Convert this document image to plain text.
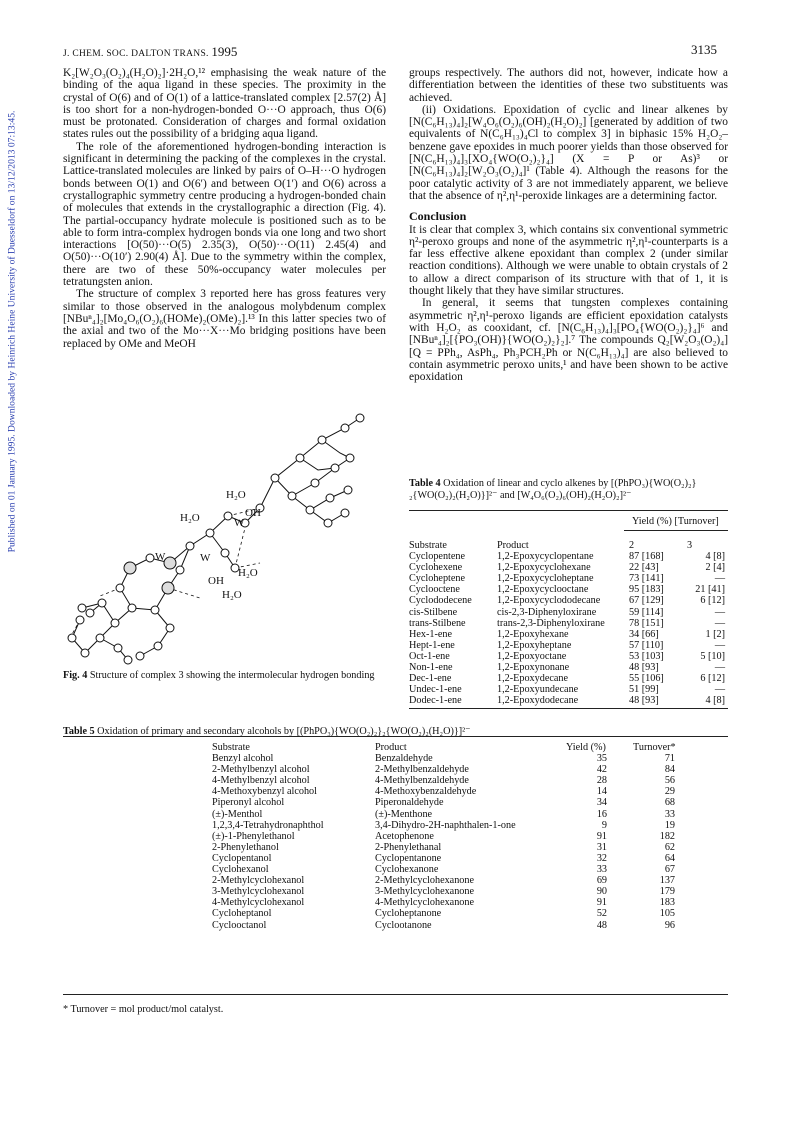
J. CHEM. SOC. DALTON TRANS. 1995	3135
Published on 01 January 1995. Downloaded by Heinrich Heine University of Duesseldorf on 13/12/2013 07:13:45.

K₂[W₂O₃(O₂)₄(H₂O)₂]·2H₂O,¹² emphasising the weak nature of the binding of the aqua ligand in these species. The proximity in the crystal of O(6) and of O(1) of a lattice-translated complex [2.57(2) Å] is too short for a non-hydrogen-bonded O···O approach, thus O(6) must be protonated. Consideration of charges and formal oxidation states rules out the possibility of a bridging aqua ligand.

The role of the aforementioned hydrogen-bonding interaction is significant in determining the packing of the complexes in the crystal. Lattice-translated molecules are linked by pairs of O–H···O hydrogen bonds between O(1) and O(6′) and between O(1′) and O(6) across a crystallographic symmetry centre producing a hydrogen-bonded chain of molecules that extends in the crystallographic a direction (Fig. 4). The partial-occupancy hydrate molecule is positioned such as to be able to form intra-complex hydrogen bonds via one long and two short interactions [O(50)···O(5) 2.35(3), O(50)···O(11) 2.45(4) and O(50)···O(10′) 2.90(4) Å]. Due to the symmetry within the complex, there are two of these 50%-occupancy water molecules per tetratungsten anion.

The structure of complex 3 reported here has gross features very similar to those observed in the analogous molybdenum complex [NBuⁿ₄]₂[Mo₄O₆(O₂)₆(HOMe)₂(OMe)₂].¹³ In this latter species two of the axial and two of the Mo···X···Mo bridging positions have been replaced by OMe and MeOH

H₂O
OH
H₂O	W
W	W
OH
H₂O
H₂O
Fig. 4 Structure of complex 3 showing the intermolecular hydrogen bonding

groups respectively. The authors did not, however, indicate how a differentiation between the identities of these two substituents was achieved.

(ii) Oxidations. Epoxidation of cyclic and linear alkenes by [N(C₆H₁₃)₄]₂[W₄O₆(O₂)₆(OH)₂(H₂O)₂] [generated by addition of two equivalents of N(C₆H₁₃)₄Cl to complex 3] in biphasic 15% H₂O₂–benzene gave epoxides in much poorer yields than those observed for [N(C₆H₁₃)₄]₃[XO₄{WO(O₂)₂}₄] (X = P or As)³ or [N(C₆H₁₃)₄]₂[W₂O₃(O₂)₄]¹ (Table 4). Although the reasons for the poor catalytic activity of 3 are not immediately apparent, we believe that the absence of η²,η¹-peroxide linkages are a determining factor.

Conclusion

It is clear that complex 3, which contains six conventional symmetric η²-peroxo groups and none of the asymmetric η²,η¹-counterparts is a far less effective alkene epoxidant than complex 2 (under similar reaction conditions). Although we were unable to obtain crystals of 2 to allow a direct comparison of its structure with that of 1, it is thought likely that they have similar structures.

In general, it seems that tungsten complexes containing asymmetric η²,η¹-peroxo ligands are efficient epoxidation catalysts with H₂O₂ as cooxidant, cf. [N(C₆H₁₃)₄]₃[PO₄{WO(O₂)₂}₄]⁶ and [NBuⁿ₄]₂[{PO₃(OH)}{WO(O₂)₂}₂].⁷ The compounds Q₂[W₂O₃(O₂)₄] [Q = PPh₄, AsPh₄, Ph₃PCH₂Ph or N(C₆H₁₃)₄] are also believed to contain asymmetric peroxo units,¹ and have been shown to be active epoxidation

Table 4 Oxidation of linear and cyclo alkenes by [(PhPO₃){WO(O₂)₂}₂{WO(O₂)₂(H₂O)}]²⁻ and [W₄O₆(O₂)₆(OH)₂(H₂O)₂]²⁻
Yield (%) [Turnover]
Substrate	Product	2	3
Cyclopentene	1,2-Epoxycyclopentane	87 [168]	4 [8]
Cyclohexene	1,2-Epoxycyclohexane	22 [43]	2 [4]
Cycloheptene	1,2-Epoxycycloheptane	73 [141]	—
Cyclooctene	1,2-Epoxycyclooctane	95 [183]	21 [41]
Cyclododecene	1,2-Epoxycyclododecane	67 [129]	6 [12]
cis-Stilbene	cis-2,3-Diphenyloxirane	59 [114]	—
trans-Stilbene	trans-2,3-Diphenyloxirane	78 [151]	—
Hex-1-ene	1,2-Epoxyhexane	34 [66]	1 [2]
Hept-1-ene	1,2-Epoxyheptane	57 [110]	—
Oct-1-ene	1,2-Epoxyoctane	53 [103]	5 [10]
Non-1-ene	1,2-Epoxynonane	48 [93]	—
Dec-1-ene	1,2-Epoxydecane	55 [106]	6 [12]
Undec-1-ene	1,2-Epoxyundecane	51 [99]	—
Dodec-1-ene	1,2-Epoxydodecane	48 [93]	4 [8]
Table 5 Oxidation of primary and secondary alcohols by [(PhPO₃){WO(O₂)₂}₂{WO(O₂)₂(H₂O)}]²⁻
	Substrate	Product	Yield (%)	Turnover*
	Benzyl alcohol	Benzaldehyde	35	71
	2-Methylbenzyl alcohol	2-Methylbenzaldehyde	42	84
	4-Methylbenzyl alcohol	4-Methylbenzaldehyde	28	56
	4-Methoxybenzyl alcohol	4-Methoxybenzaldehyde	14	29
	Piperonyl alcohol	Piperonaldehyde	34	68
	(±)-Menthol	(±)-Menthone	16	33
	1,2,3,4-Tetrahydronaphthol	3,4-Dihydro-2H-naphthalen-1-one	9	19
	(±)-1-Phenylethanol	Acetophenone	91	182
	2-Phenylethanol	2-Phenylethanal	31	62
	Cyclopentanol	Cyclopentanone	32	64
	Cyclohexanol	Cyclohexanone	33	67
	2-Methylcyclohexanol	2-Methylcyclohexanone	69	137
	3-Methylcyclohexanol	3-Methylcyclohexanone	90	179
	4-Methylcyclohexanol	4-Methylcyclohexanone	91	183
	Cycloheptanol	Cycloheptanone	52	105
	Cyclooctanol	Cyclootanone	48	96
* Turnover = mol product/mol catalyst.
